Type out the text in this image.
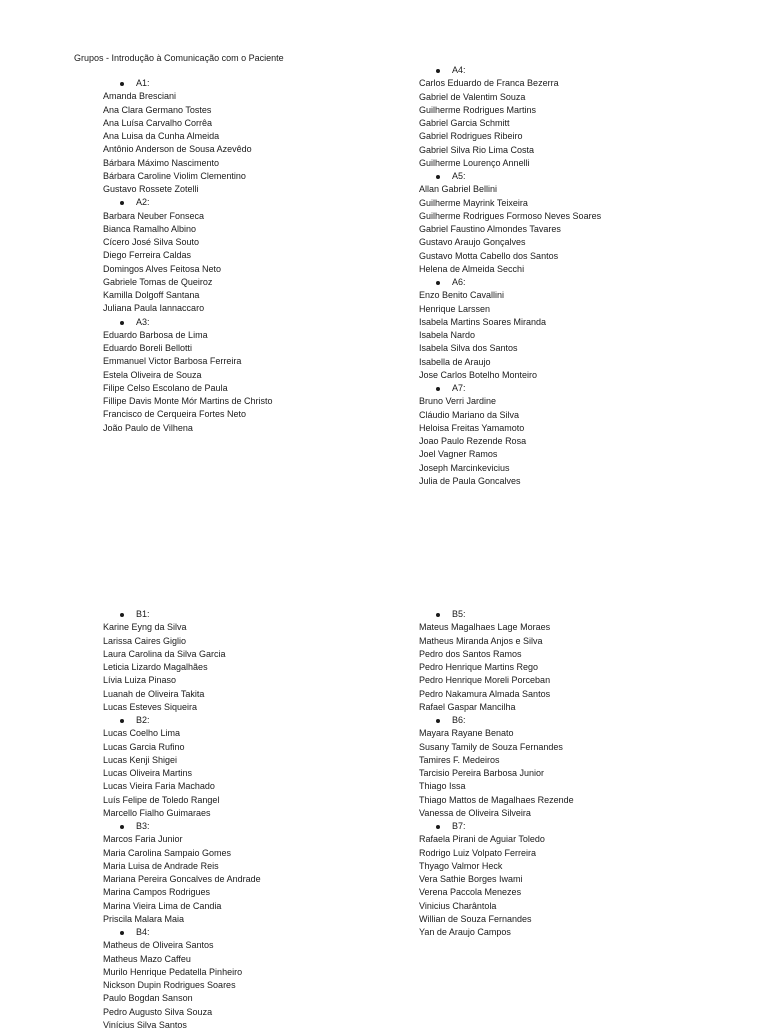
Grupos - Introdução à Comunicação com o Paciente
A1:
Amanda Bresciani
Ana Clara Germano Tostes
Ana Luísa Carvalho Corrêa
Ana Luisa da Cunha Almeida
Antônio Anderson de Sousa Azevêdo
Bárbara Máximo Nascimento
Bárbara Caroline Violim Clementino
Gustavo Rossete Zotelli
A2:
Barbara Neuber Fonseca
Bianca Ramalho Albino
Cícero José Silva Souto
Diego Ferreira Caldas
Domingos Alves Feitosa Neto
Gabriele Tomas de Queiroz
Kamilla Dolgoff Santana
Juliana Paula Iannaccaro
A3:
Eduardo Barbosa de Lima
Eduardo Boreli Bellotti
Emmanuel Victor Barbosa Ferreira
Estela Oliveira de Souza
Filipe Celso Escolano de Paula
Fillipe Davis Monte Mór Martins de Christo
Francisco de Cerqueira Fortes Neto
João Paulo de Vilhena
A4:
Carlos Eduardo de Franca Bezerra
Gabriel de Valentim Souza
Guilherme Rodrigues Martins
Gabriel Garcia Schmitt
Gabriel Rodrigues Ribeiro
Gabriel Silva Rio Lima Costa
Guilherme Lourenço Annelli
A5:
Allan Gabriel Bellini
Guilherme Mayrink Teixeira
Guilherme Rodrigues Formoso Neves Soares
Gabriel Faustino Almondes Tavares
Gustavo Araujo Gonçalves
Gustavo Motta Cabello dos Santos
Helena de Almeida Secchi
A6:
Enzo Benito Cavallini
Henrique Larssen
Isabela Martins Soares Miranda
Isabela Nardo
Isabela Silva dos Santos
Isabella de Araujo
Jose Carlos Botelho Monteiro
A7:
Bruno Verri Jardine
Cláudio Mariano da Silva
Heloisa Freitas Yamamoto
Joao Paulo Rezende Rosa
Joel Vagner Ramos
Joseph Marcinkevicius
Julia de Paula Goncalves
B1:
Karine Eyng da Silva
Larissa Caires Giglio
Laura Carolina da Silva Garcia
Leticia Lizardo Magalhães
Lívia Luiza Pinaso
Luanah de Oliveira Takita
Lucas Esteves Siqueira
B2:
Lucas Coelho Lima
Lucas Garcia Rufino
Lucas Kenji Shigei
Lucas Oliveira Martins
Lucas Vieira Faria Machado
Luís Felipe de Toledo Rangel
Marcello Fialho Guimaraes
B3:
Marcos Faria Junior
Maria Carolina Sampaio Gomes
Maria Luisa de Andrade Reis
Mariana Pereira Goncalves de Andrade
Marina Campos Rodrigues
Marina Vieira Lima de Candia
Priscila Malara Maia
B4:
Matheus de Oliveira Santos
Matheus Mazo Caffeu
Murilo Henrique Pedatella Pinheiro
Nickson Dupin Rodrigues Soares
Paulo Bogdan Sanson
Pedro Augusto Silva Souza
Vinícius Silva Santos
B5:
Mateus Magalhaes Lage Moraes
Matheus Miranda Anjos e Silva
Pedro dos Santos Ramos
Pedro Henrique Martins Rego
Pedro Henrique Moreli Porceban
Pedro Nakamura Almada Santos
Rafael Gaspar Mancilha
B6:
Mayara Rayane Benato
Susany Tamily de Souza Fernandes
Tamires F. Medeiros
Tarcisio Pereira Barbosa Junior
Thiago Issa
Thiago Mattos de Magalhaes Rezende
Vanessa de Oliveira Silveira
B7:
Rafaela Pirani de Aguiar Toledo
Rodrigo Luiz Volpato Ferreira
Thyago Valmor Heck
Vera Sathie Borges Iwami
Verena Paccola Menezes
Vinicius Charântola
Willian de Souza Fernandes
Yan de Araujo Campos
